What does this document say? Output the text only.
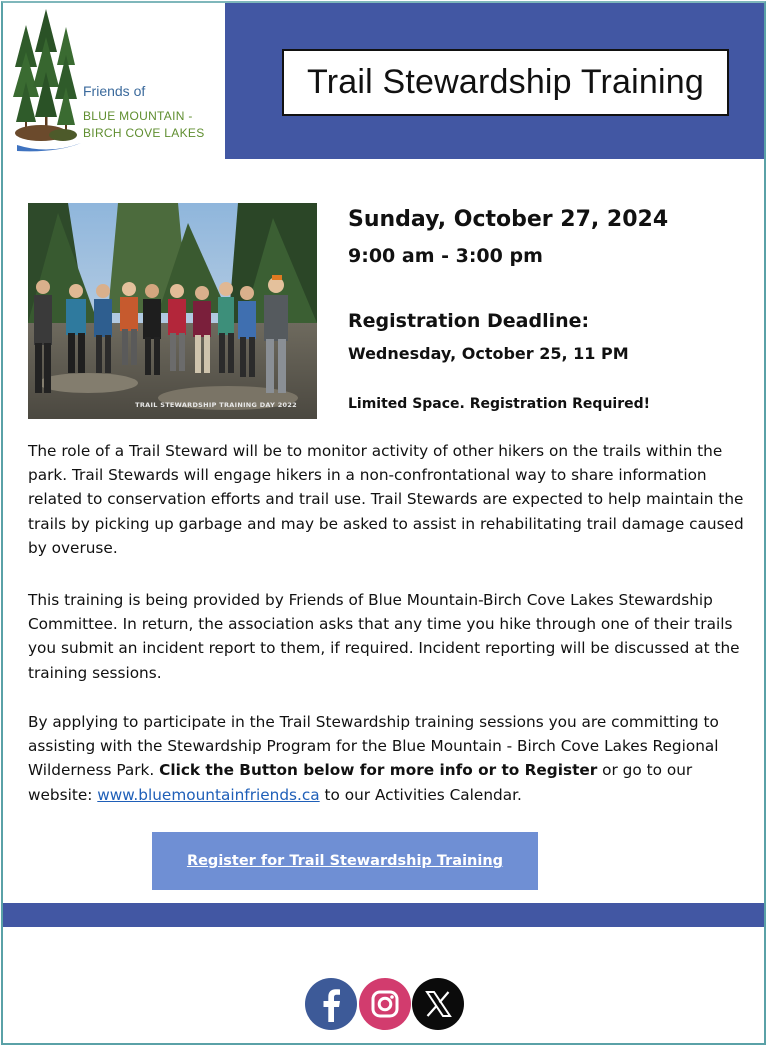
Friends of
BLUE MOUNTAIN -
BIRCH COVE LAKES
Trail Stewardship Training
TRAIL STEWARDSHIP TRAINING DAY 2022
Sunday, October 27, 2024
9:00 am - 3:00 pm
Registration Deadline:
Wednesday, October 25, 11 PM
Limited Space. Registration Required!

The role of a Trail Steward will be to monitor activity of other hikers on the trails within the park. Trail Stewards will engage hikers in a non-confrontational way to share information related to conservation efforts and trail use. Trail Stewards are expected to help maintain the trails by picking up garbage and may be asked to assist in rehabilitating trail damage caused by overuse.

This training is being provided by Friends of Blue Mountain-Birch Cove Lakes Stewardship Committee. In return, the association asks that any time you hike through one of their trails you submit an incident report to them, if required. Incident reporting will be discussed at the training sessions.

By applying to participate in the Trail Stewardship training sessions you are committing to assisting with the Stewardship Program for the Blue Mountain - Birch Cove Lakes Regional Wilderness Park. Click the Button below for more info or to Register or go to our website: www.bluemountainfriends.ca to our Activities Calendar.

Register for Trail Stewardship Training
